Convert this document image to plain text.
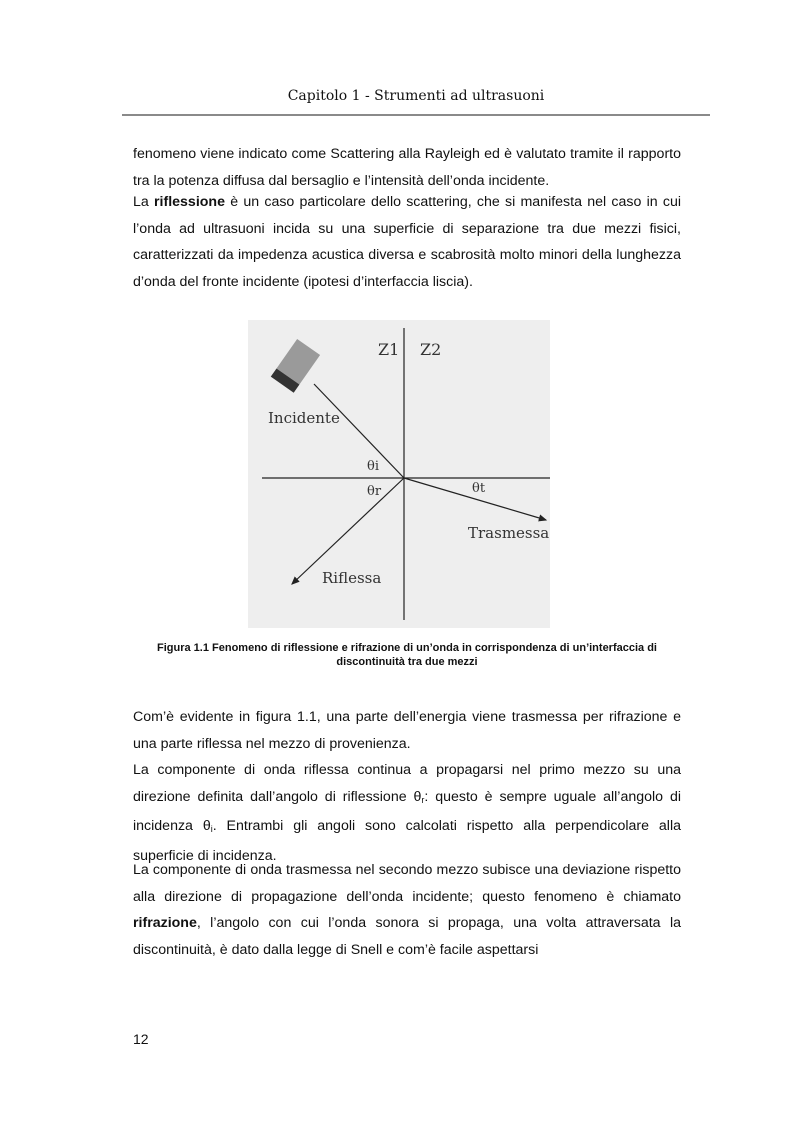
Capitolo 1 - Strumenti ad ultrasuoni

fenomeno viene indicato come Scattering alla Rayleigh ed è valutato tramite il rapporto tra la potenza diffusa dal bersaglio e l’intensità dell’onda incidente.

La riflessione è un caso particolare dello scattering, che si manifesta nel caso in cui l’onda ad ultrasuoni incida su una superficie di separazione tra due mezzi fisici, caratterizzati da impedenza acustica diversa e scabrosità molto minori della lunghezza d’onda del fronte incidente (ipotesi d’interfaccia liscia).

Z1 Z2
Incidente
θi
θr	θt
Trasmessa
Riflessa
Figura 1.1 Fenomeno di riflessione e rifrazione di un’onda in corrispondenza di un’interfaccia di
discontinuità tra due mezzi

Com’è evidente in figura 1.1, una parte dell’energia viene trasmessa per rifrazione e una parte riflessa nel mezzo di provenienza.

La componente di onda riflessa continua a propagarsi nel primo mezzo su una direzione definita dall’angolo di riflessione $\theta_r$: questo è sempre uguale all’angolo di incidenza $\theta_i$. Entrambi gli angoli sono calcolati rispetto alla perpendicolare alla superficie di incidenza.

La componente di onda trasmessa nel secondo mezzo subisce una deviazione rispetto alla direzione di propagazione dell’onda incidente; questo fenomeno è chiamato rifrazione, l’angolo con cui l’onda sonora si propaga, una volta attraversata la discontinuità, è dato dalla legge di Snell e com’è facile aspettarsi

12
